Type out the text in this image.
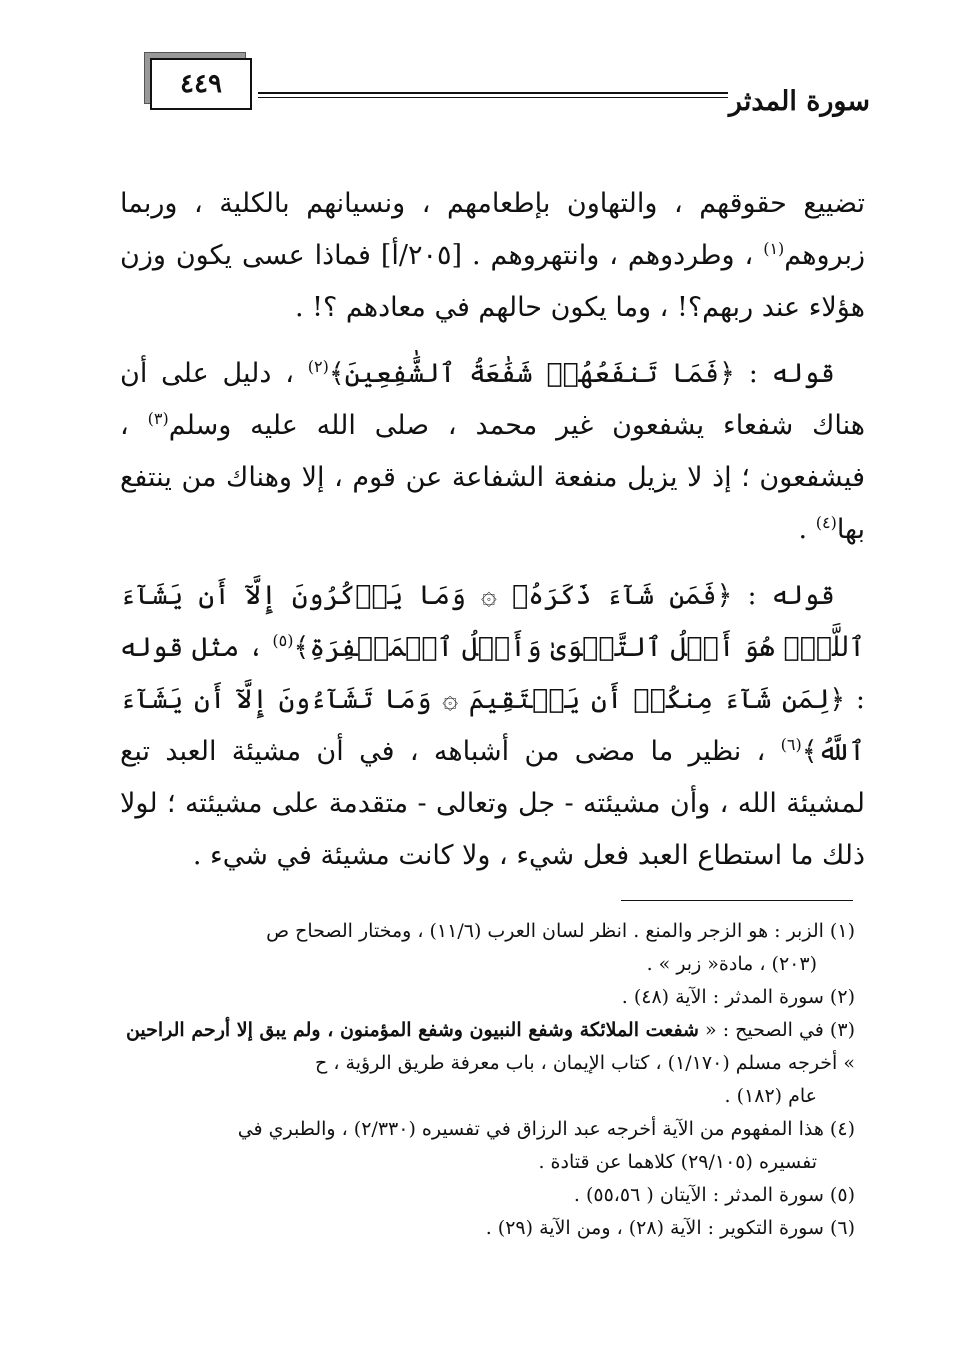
٤٤٩
سورة المدثر

تضييع حقوقهم ، والتهاون بإطعامهم ، ونسيانهم بالكلية ، وربما زبروهم$^{(١)}$ ، وطردوهم ، وانتهروهم . [٢٠٥/أ] فماذا عسى يكون وزن هؤلاء عند ربهم؟! ، وما يكون حالهم في معادهم ؟! .

قوله : ﴿فَمَا تَنفَعُهُمۡ شَفَٰعَةُ ٱلشَّٰفِعِينَ﴾$^{(٢)}$ ، دليل على أن هناك شفعاء يشفعون غير محمد ، صلى الله عليه وسلم$^{(٣)}$ ، فيشفعون ؛ إذ لا يزيل منفعة الشفاعة عن قوم ، إلا وهناك من ينتفع بها$^{(٤)}$ .

قوله : ﴿فَمَن شَآءَ ذَكَرَهُۥ ۞ وَمَا يَذۡكُرُونَ إِلَّآ أَن يَشَآءَ ٱللَّهُۚ هُوَ أَهۡلُ ٱلتَّقۡوَىٰ وَأَهۡلُ ٱلۡمَغۡفِرَةِ﴾$^{(٥)}$ ، مثل قوله : ﴿لِمَن شَآءَ مِنكُمۡ أَن يَسۡتَقِيمَ ۞ وَمَا تَشَآءُونَ إِلَّآ أَن يَشَآءَ ٱللَّهُ﴾$^{(٦)}$ ، نظير ما مضى من أشباهه ، في أن مشيئة العبد تبع لمشيئة الله ، وأن مشيئته - جل وتعالى - متقدمة على مشيئته ؛ لولا ذلك ما استطاع العبد فعل شيء ، ولا كانت مشيئة في شيء .

(١) الزبر : هو الزجر والمنع . انظر لسان العرب (١١/٦) ، ومختار الصحاح ص

(٢٠٣) ، مادة« زبر » .

(٢) سورة المدثر : الآية (٤٨) .

(٣) في الصحيح : « شفعت الملائكة وشفع النبيون وشفع المؤمنون ، ولم يبق إلا أرحم الراحين » أخرجه مسلم (١/١٧٠) ، كتاب الإيمان ، باب معرفة طريق الرؤية ، ح

عام (١٨٢) .

(٤) هذا المفهوم من الآية أخرجه عبد الرزاق في تفسيره (٢/٣٣٠) ، والطبري في

تفسيره (٢٩/١٠٥) كلاهما عن قتادة .

(٥) سورة المدثر : الآيتان ( ٥٥،٥٦) .

(٦) سورة التكوير : الآية (٢٨) ، ومن الآية (٢٩) .
